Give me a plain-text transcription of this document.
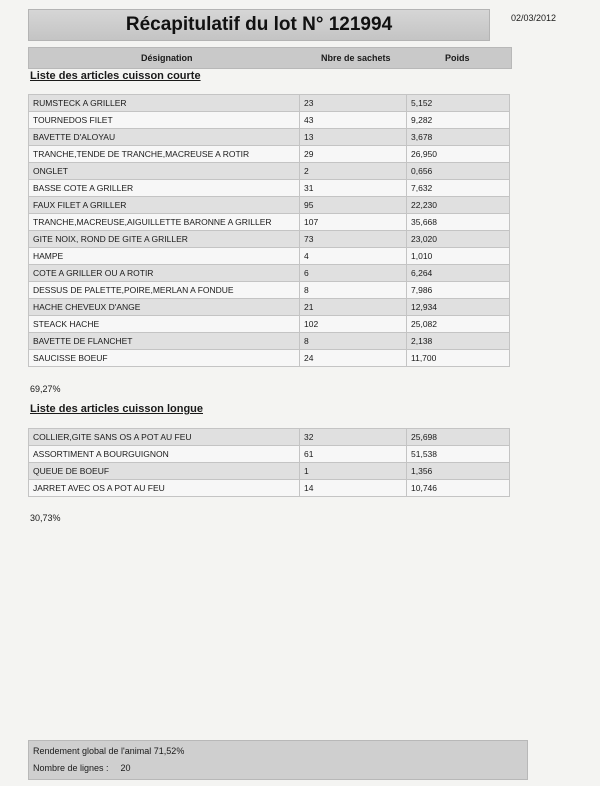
Récapitulatif du lot N° 121994	02/03/2012
Désignation	Nbre de sachets	Poids
Liste des articles cuisson courte
RUMSTECK A GRILLER	23	5,152
TOURNEDOS FILET	43	9,282
BAVETTE D'ALOYAU	13	3,678
TRANCHE,TENDE DE TRANCHE,MACREUSE A ROTIR	29	26,950
ONGLET	2	0,656
BASSE COTE A GRILLER	31	7,632
FAUX FILET A GRILLER	95	22,230
TRANCHE,MACREUSE,AIGUILLETTE BARONNE A GRILLER	107	35,668
GITE NOIX, ROND DE GITE A GRILLER	73	23,020
HAMPE	4	1,010
COTE A GRILLER OU A ROTIR	6	6,264
DESSUS DE PALETTE,POIRE,MERLAN A FONDUE	8	7,986
HACHE CHEVEUX D'ANGE	21	12,934
STEACK HACHE	102	25,082
BAVETTE DE FLANCHET	8	2,138
SAUCISSE BOEUF	24	11,700
69,27%
Liste des articles cuisson longue
COLLIER,GITE SANS OS A POT AU FEU	32	25,698
ASSORTIMENT A BOURGUIGNON	61	51,538
QUEUE DE BOEUF	1	1,356
JARRET AVEC OS A POT AU FEU	14	10,746
30,73%
Rendement global de l'animal 71,52%
Nombre de lignes : 20
